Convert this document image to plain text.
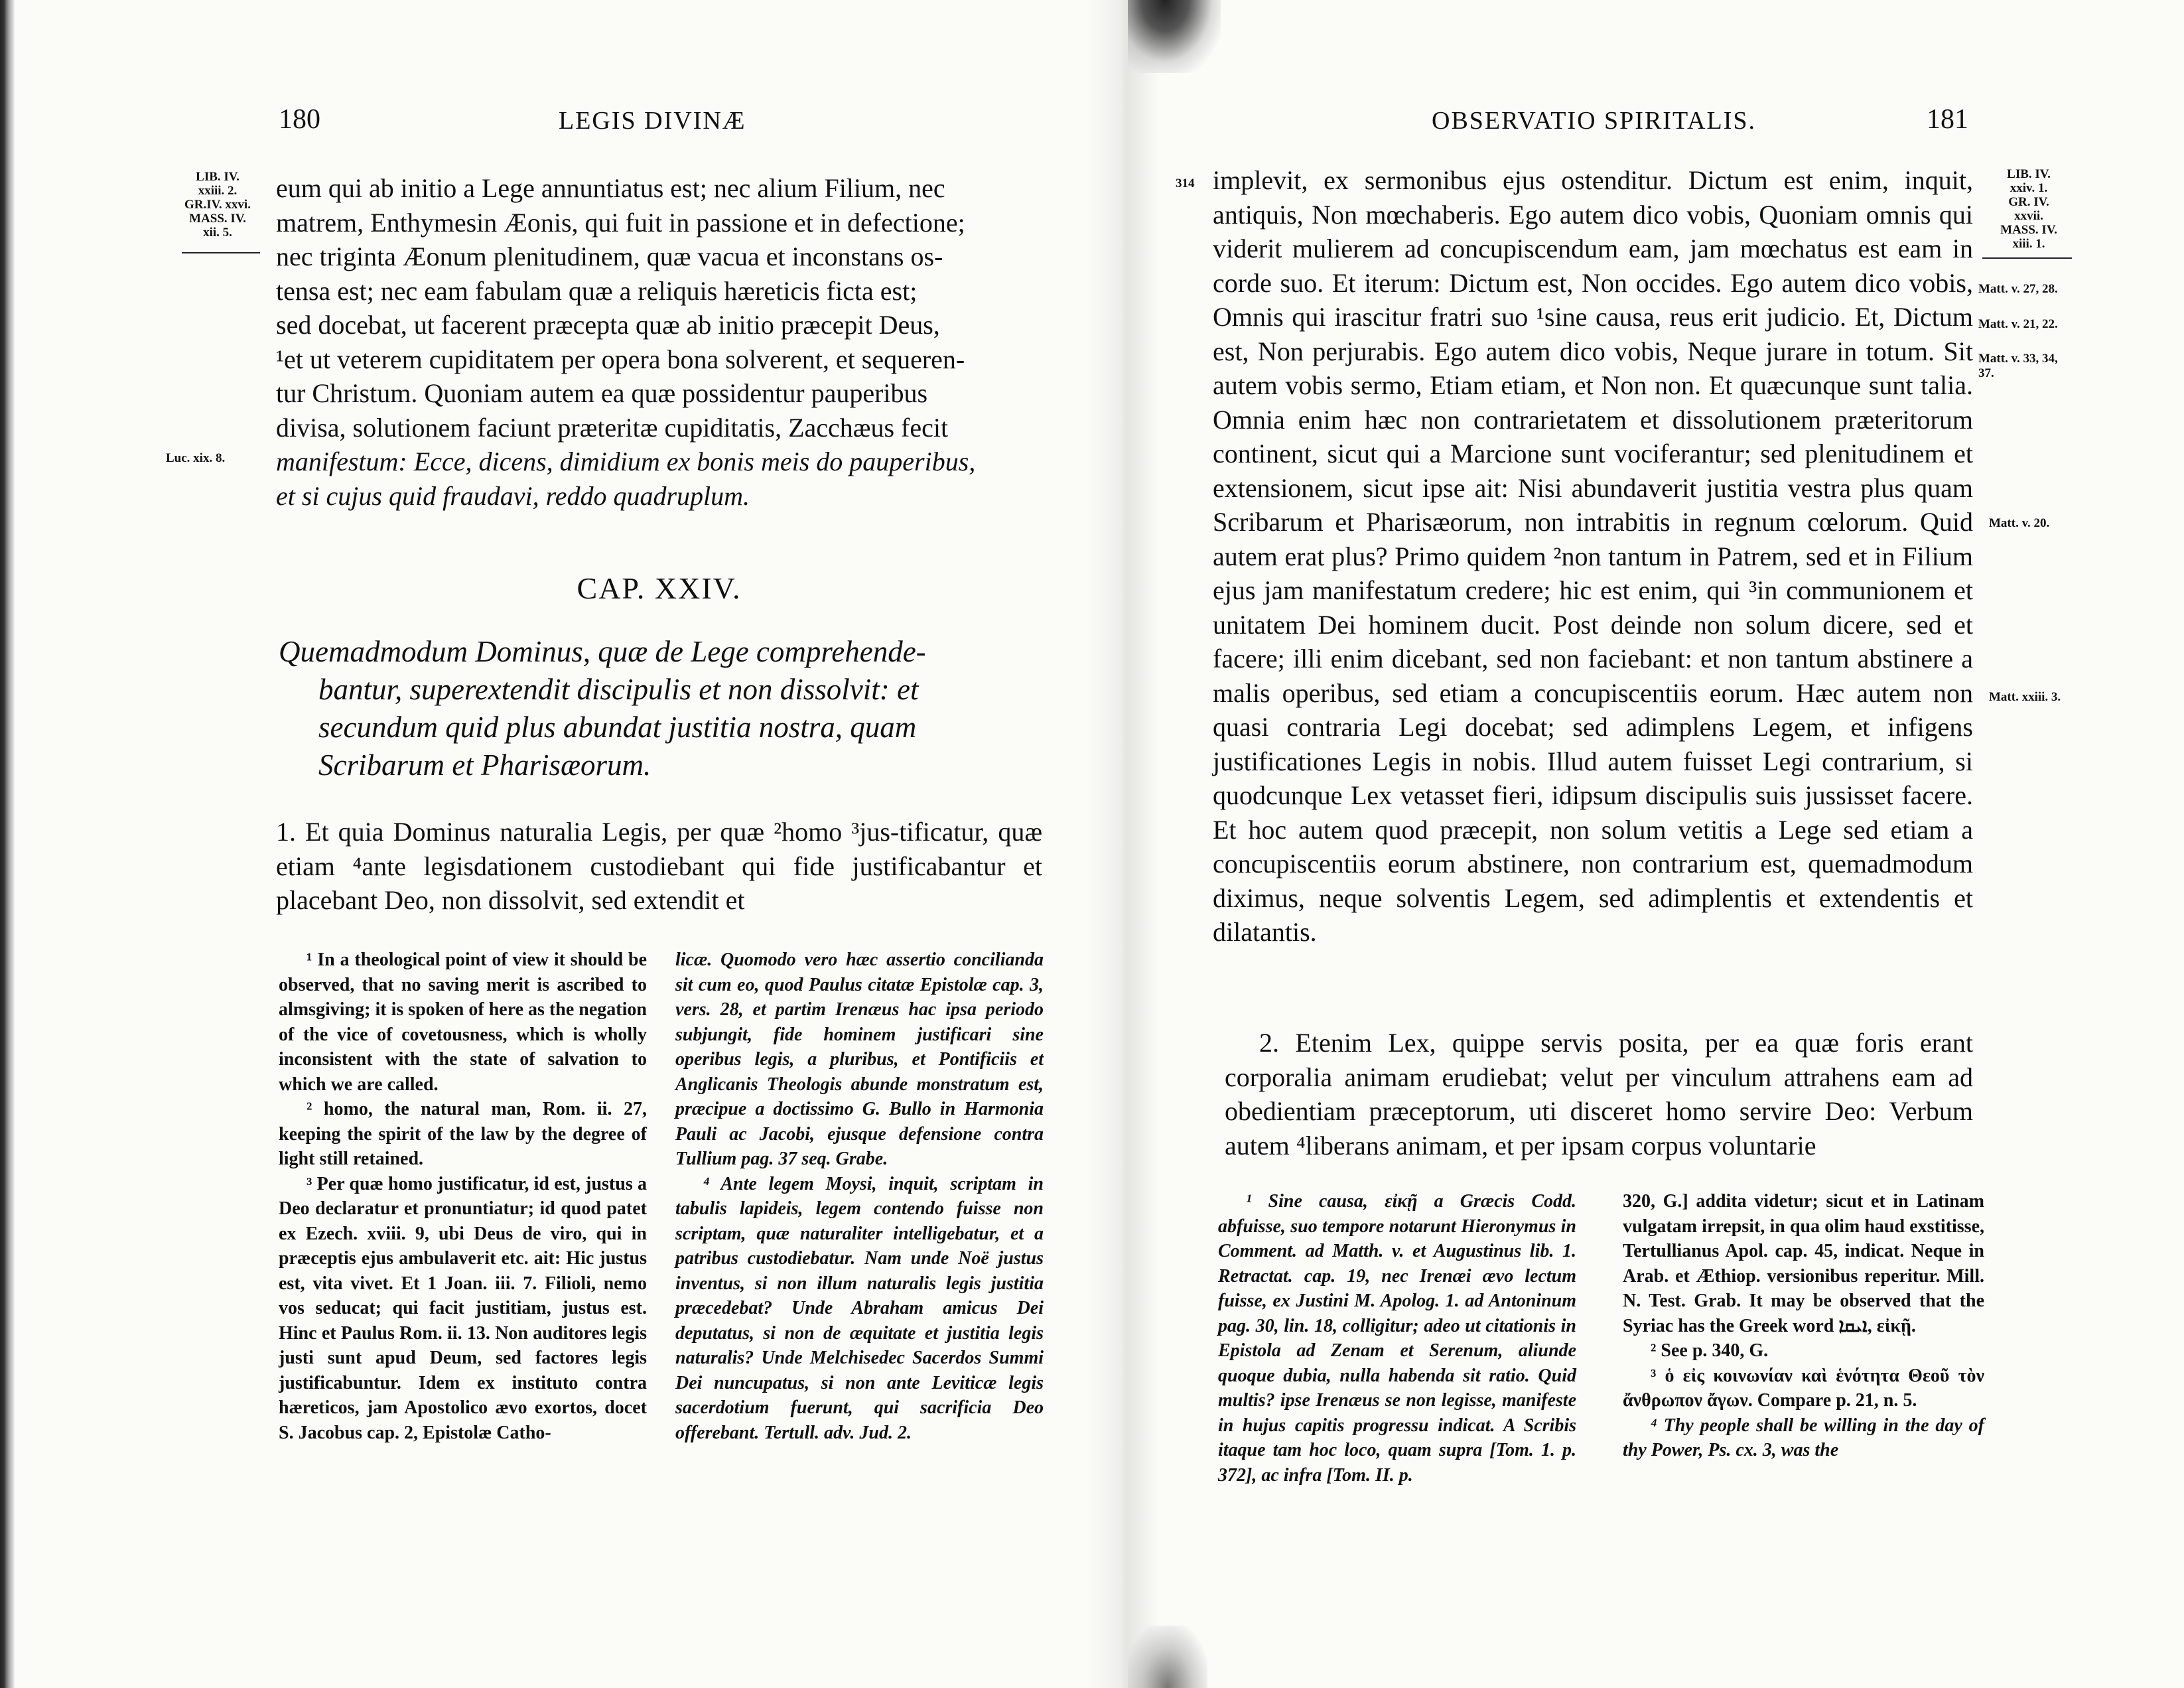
180	LEGIS DIVINÆ
LIB. IV.
xxiii. 2.
GR.IV. xxvi.
MASS. IV.
xii. 5.
Luc. xix. 8.
eum qui ab initio a Lege annuntiatus est; nec alium Filium, nec
matrem, Enthymesin Æonis, qui fuit in passione et in defectione;
nec triginta Æonum plenitudinem, quæ vacua et inconstans os-
tensa est; nec eam fabulam quæ a reliquis hæreticis ficta est;
sed docebat, ut facerent præcepta quæ ab initio præcepit Deus,
¹et ut veterem cupiditatem per opera bona solverent, et sequeren-
tur Christum. Quoniam autem ea quæ possidentur pauperibus
divisa, solutionem faciunt præteritæ cupiditatis, Zacchæus fecit
manifestum: Ecce, dicens, dimidium ex bonis meis do pauperibus,
et si cujus quid fraudavi, reddo quadruplum.
CAP. XXIV.
Quemadmodum Dominus, quæ de Lege comprehende-
bantur, superextendit discipulis et non dissolvit: et secundum quid plus abundat justitia nostra, quam Scribarum et Pharisæorum.

1. Et quia Dominus naturalia Legis, per quæ ²homo ³jus-tificatur, quæ etiam ⁴ante legisdationem custodiebant qui fide justificabantur et placebant Deo, non dissolvit, sed extendit et

¹ In a theological point of view it should be observed, that no saving merit is ascribed to almsgiving; it is spoken of here as the negation of the vice of covetousness, which is wholly inconsistent with the state of salvation to which we are called.

² homo, the natural man, Rom. ii. 27, keeping the spirit of the law by the degree of light still retained.

³ Per quæ homo justificatur, id est, justus a Deo declaratur et pronuntiatur; id quod patet ex Ezech. xviii. 9, ubi Deus de viro, qui in præceptis ejus ambulaverit etc. ait: Hic justus est, vita vivet. Et 1 Joan. iii. 7. Filioli, nemo vos seducat; qui facit justitiam, justus est. Hinc et Paulus Rom. ii. 13. Non auditores legis justi sunt apud Deum, sed factores legis justificabuntur. Idem ex instituto contra hæreticos, jam Apostolico ævo exortos, docet S. Jacobus cap. 2, Epistolæ Catho-

licæ. Quomodo vero hæc assertio concilianda sit cum eo, quod Paulus citatæ Epistolæ cap. 3, vers. 28, et partim Irenæus hac ipsa periodo subjungit, fide hominem justificari sine operibus legis, a pluribus, et Pontificiis et Anglicanis Theologis abunde monstratum est, præcipue a doctissimo G. Bullo in Harmonia Pauli ac Jacobi, ejusque defensione contra Tullium pag. 37 seq. Grabe.

⁴ Ante legem Moysi, inquit, scriptam in tabulis lapideis, legem contendo fuisse non scriptam, quæ naturaliter intelligebatur, et a patribus custodiebatur. Nam unde Noë justus inventus, si non illum naturalis legis justitia præcedebat? Unde Abraham amicus Dei deputatus, si non de æquitate et justitia legis naturalis? Unde Melchisedec Sacerdos Summi Dei nuncupatus, si non ante Leviticæ legis sacerdotium fuerunt, qui sacrificia Deo offerebant. Tertull. adv. Jud. 2.

OBSERVATIO SPIRITALIS.	181
314
LIB. IV.
xxiv. 1.
GR. IV.
xxvii.
MASS. IV.
xiii. 1.
Matt. v. 27, 28.
Matt. v. 21, 22.
Matt. v. 33, 34, 37.
Matt. v. 20.
Matt. xxiii. 3.

implevit, ex sermonibus ejus ostenditur. Dictum est enim, inquit, antiquis, Non mœchaberis. Ego autem dico vobis, Quoniam omnis qui viderit mulierem ad concupiscendum eam, jam mœchatus est eam in corde suo. Et iterum: Dictum est, Non occides. Ego autem dico vobis, Omnis qui irascitur fratri suo ¹sine causa, reus erit judicio. Et, Dictum est, Non perjurabis. Ego autem dico vobis, Neque jurare in totum. Sit autem vobis sermo, Etiam etiam, et Non non. Et quæcunque sunt talia. Omnia enim hæc non contrarietatem et dissolutionem præteritorum continent, sicut qui a Marcione sunt vociferantur; sed plenitudinem et extensionem, sicut ipse ait: Nisi abundaverit justitia vestra plus quam Scribarum et Pharisæorum, non intrabitis in regnum cœlorum. Quid autem erat plus? Primo quidem ²non tantum in Patrem, sed et in Filium ejus jam manifestatum credere; hic est enim, qui ³in communionem et unitatem Dei hominem ducit. Post deinde non solum dicere, sed et facere; illi enim dicebant, sed non faciebant: et non tantum abstinere a malis operibus, sed etiam a concupiscentiis eorum. Hæc autem non quasi contraria Legi docebat; sed adimplens Legem, et infigens justificationes Legis in nobis. Illud autem fuisset Legi contrarium, si quodcunque Lex vetasset fieri, idipsum discipulis suis jussisset facere. Et hoc autem quod præcepit, non solum vetitis a Lege sed etiam a concupiscentiis eorum abstinere, non contrarium est, quemadmodum diximus, neque solventis Legem, sed adimplentis et extendentis et dilatantis.

2. Etenim Lex, quippe servis posita, per ea quæ foris erant corporalia animam erudiebat; velut per vinculum attrahens eam ad obedientiam præceptorum, uti disceret homo servire Deo: Verbum autem ⁴liberans animam, et per ipsam corpus voluntarie

¹ Sine causa, εἰκῇ a Græcis Codd. abfuisse, suo tempore notarunt Hieronymus in Comment. ad Matth. v. et Augustinus lib. 1. Retractat. cap. 19, nec Irenæi ævo lectum fuisse, ex Justini M. Apolog. 1. ad Antoninum pag. 30, lin. 18, colligitur; adeo ut citationis in Epistola ad Zenam et Serenum, aliunde quoque dubia, nulla habenda sit ratio. Quid multis? ipse Irenæus se non legisse, manifeste in hujus capitis progressu indicat. A Scribis itaque tam hoc loco, quam supra [Tom. 1. p. 372], ac infra [Tom. II. p.

320, G.] addita videtur; sicut et in Latinam vulgatam irrepsit, in qua olim haud exstitisse, Tertullianus Apol. cap. 45, indicat. Neque in Arab. et Æthiop. versionibus reperitur. Mill. N. Test. Grab. It may be observed that the Syriac has the Greek word ܐܝܩܐ, εἰκῇ.

² See p. 340, G.

³ ὁ εἰς κοινωνίαν καὶ ἑνότητα Θεοῦ τὸν ἄνθρωπον ἄγων. Compare p. 21, n. 5.

⁴ Thy people shall be willing in the day of thy Power, Ps. cx. 3, was the
